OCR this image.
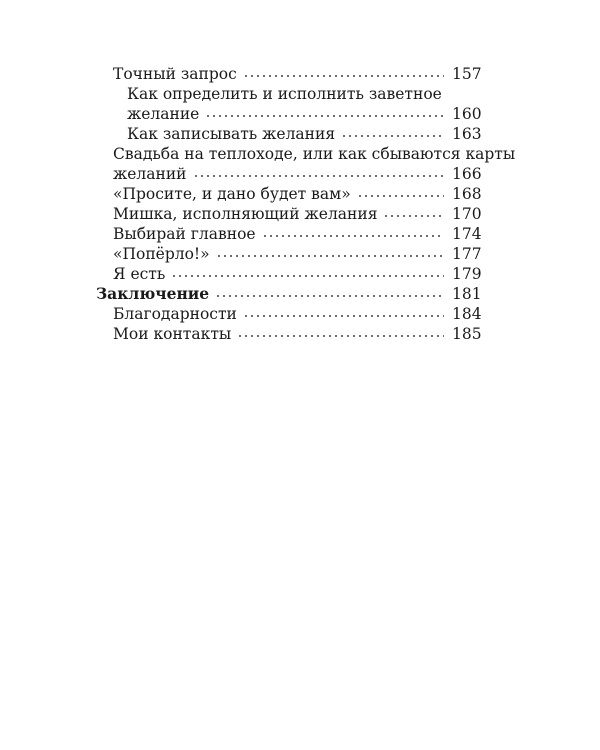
Точный запрос	157
Как определить и исполнить заветное
желание	160
Как записывать желания	163
Свадьба на теплоходе, или как сбываются карты
желаний	166
«Просите, и дано будет вам»	168
Мишка, исполняющий желания	170
Выбирай главное	174
«Попёрло!»	177
Я есть	179
Заключение	181
Благодарности	184
Мои контакты	185
